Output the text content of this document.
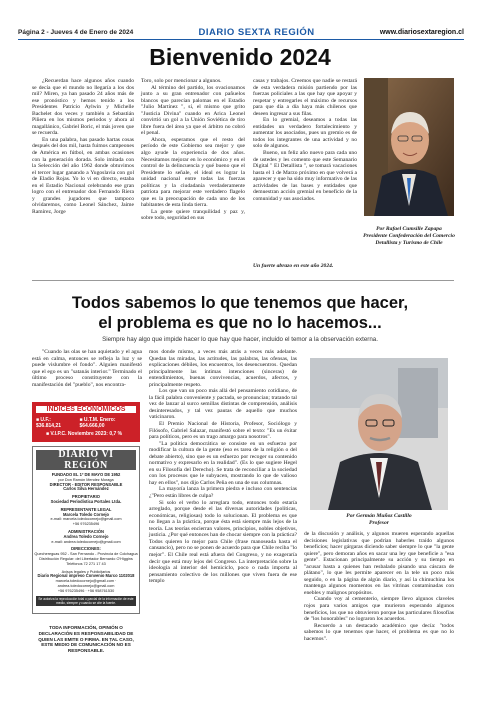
Página 2 - Jueves 4 de Enero de 2024	DIARIO SEXTA REGIÓN	www.diariosextaregion.cl
Bienvenido 2024

¿Recuerdan hace algunos años cuando se decía que el mundo no llegaría a los dos mil? Miren, ya han pasado 24 años más de ese pronóstico y hemos tenido a los Presidentes Patricio Aylwin y Michelle Bachelet dos veces y también a Sebastián Piñera en los mismos periodos y ahora al magallánico, Gabriel Boric, el más joven que se recuerda.

En una palabra, has pasado hartas cosas después del dos mil, hasta fuimos campeones de América en fútbol, en ambas ocasiones con la generación dorada. Solo imitada con la Selección del año 1962 donde obtuvimos el tercer lugar ganando a Yugoslavia con gol de Eladio Rojas. Yo lo vi en directo, estaba en el Estadio Nacional celebrando ese gran logro con el entrenador don Fernando Riera y grandes jugadores que tampoco olvidaremos, como Leonel Sánchez, Jaime Ramírez, Jorge

Toro, solo por mencionar a algunos.

Al término del partido, los ovacionamos junto a su gran entrenador con pañuelos blancos que parecían palomas en el Estadio "Julio Martínez ", sí, el mismo que grito "Justicia Divina" cuando en Arica Leonel convirtió un gol a la Unión Soviética de tiro libre fuera del área ya que el árbitro no cobró el penal.

Ahora, esperamos que el resto del período de este Gobierno sea mejor y que algo ayude la experiencia de dos años. Necesitamos mejorar en lo económico y en el control de la delincuencia y qué bueno que el Presidente lo señale, el ideal es lograr la unidad nacional entre todas las fuerzas políticas y la ciudadanía verdaderamente patriota para mejorar este verdadero flagelo que es la preocupación de cada uno de los habitantes de esta linda tierra.

La gente quiere tranquilidad y paz y, sobre todo, seguridad en sus

casas y trabajos. Creemos que nadie se restará de esta verdadera misión partiendo por las fuerzas policiales a las que hay que apoyar y respetar y entregarles el máximo de recursos para que día a día haya más chilenos que deseen ingresar a sus filas.

En lo gremial, deseamos a todas las entidades un verdadero fortalecimiento y aumentar los asociados, pues un gremio es de todos los integrantes de una actividad y no solo de algunos.

Bueno, un feliz año nuevo para cada uno de ustedes y les comento que este Semanario Digital " El Detallista ", se tomará vacaciones hasta el 1 de Marzo próximo en que volverá a aparecer y que ha sido muy informativo de las actividades de las bases y entidades que demuestran acción gremial en beneficio de la comunidad y sus asociados.

Por Rafael Cumsille Zapapa
Presidente Confederación del Comercio Detallista y Turismo de Chile
Un fuerte abrazo en este año 2024.
Todos sabemos lo que tenemos que hacer,
el problema es que no lo hacemos...
Siempre hay algo que impide hacer lo que hay que hacer, incluido el temor a la observación externa.

"Cuando las olas se han aquietado y el agua está en calma, entonces se refleja la luz y se puede vislumbre el fondo". Alguien manifestó que el ego es un "satanás interior." Terminado el último proceso constituyente con la manifestación del "pueblo", nos encontra-

mos donde mismo, a veces más atrás a veces más adelante. Quedan las miradas, las actitudes, las palabras, las ofensas, las explicaciones débiles, los encuentros, los desencuentros. Quedan principalmente las íntimas intenciones (sinceras) de entendimientos, buenas convivencias, acuerdos, afectos, y principalmente respeto.

Los que van un poco más allá del pensamiento cotidiano, de la fácil palabra conveniente y pactada, se pronuncian; tratando tal vez de lanzar al surco semillas distintas de comprensión, análisis desinteresados, y tal vez pautas de aquello que muchos vaticinaron.

El Premio Nacional de Historia, Profesor, Sociólogo y Filósofo, Gabriel Salazar, manifestó sobre el texto: "Es un éxitar para políticos, pero es un trago amargo para nosotros".

"La política democrática se consiste en un esfuerzo por modificar la cultura de la gente (eso es tarea de la religión o del debate abierto), sino que es un esfuerzo por recoger su contenido normativo y expresarlo en la realidad". (Es lo que sugiere Hegel en su Filosofía del Derecho). Se trata de reconciliar a la sociedad con los procesos que le subyacen, mostrando lo que de valioso hay en ellos", nos dijo Carlos Peña en una de sus columnas.

La mayoría lanza la primera piedra e incluso con sentencias ¿"Pero están libres de culpa?

Si solo el verbo lo arreglara todo, entonces todo estaría arreglado, porque desde el las diversas autoridades (políticas, económicas, religiosas) todo lo solucionan. El problema es que no llegan a la práctica, porque ésta está siempre más lejos de la teoría. Las teorías encierran valores, principios, nobles objetivos, justicia. ¿Por qué entonces han de chocar siempre con la práctica? Todos quieren lo mejor para Chile (frase manoseada hasta el cansancio), pero no se ponen de acuerdo para que Chile reciba "lo mejor". El Chile real está afuera del Congreso, y no exageraría decir que está muy lejos del Congreso. La interpretación sobre la ideología al interior del hemiciclo, poco o nada importa al pensamiento colectivo de los millones que viven fuera de ese templo

Por Germán Muñoz Castillo
Profesor

de la discusión y análisis, y algunos mueren esperando aquellas decisiones legislativas que podrían haberles traído algunos beneficios; hacer gárgaras diciendo saber siempre lo que "la gente quiere", pero demoran años en sacar una ley que beneficie a "esa gente". Estacionan principalmente su acción y su tiempo en "acusar hasta a quienes han resbalado pisando una cáscara de plátano", lo que les permite aparecer en la tele un poco más seguido, o en la página de algún diario, y así la chimuchina los mantenga algunos momentos en las vitrinas contaminadas con enebles y malignos propósitos.

Cuando voy al cementerio, siempre llevo algunos claveles rojos para varios amigos que murieron esperando algunos beneficios, los que no obtuvieron porque las particulares filosofías de "los honorables" no lograron los acuerdos.

Recuerdo a un destacado académico que decía: "todos sabemos lo que tenemos que hacer, el problema es que no lo hacemos".

ÍNDICES ECONÓMICOS
■ U.F.: $36.814,21
■ U.T.M. Enero: $64.666,00
■ V.I.P.C. Noviembre 2023: 0,7 %
DIARIO VI REGIÓN
FUNDADO EL 1º DE MAYO DE 1952
por Don Ramón Mendez Moraga
DIRECTOR - EDITOR RESPONSABLE
Carlos Silva Hernández
PROPIETARIO
Sociedad Periodística Portales Ltda.
REPRESENTANTE LEGAL
Marcela Toledo Cornejo
e-mail: marcela.toledocornejo@gmail.com
+56 976235496
ADMINISTRACIÓN
Andrea Toledo Cornejo
e-mail: andrea.toledocornejo@gmail.com
DIRECCIONES:
Quechereguas 952 - San Fernando - Provincia de Colchagua
Distribución Regular: del Libertador Bernardo O'Higgins
Teléfonos 72 271 17 43
Avisos legales y Publicitarios
Diario Regional impreso Convenio Marco 1102018
marcela.toledocornejo@gmail.com · andrea.toledocornejo@gmail.com
+56 976235496 · +56 958761530
Se autoriza la reproducción total o parcial de la información de este medio, siempre y cuando se cite la fuente.
TODA INFORMACIÓN, OPINIÓN O DECLARACIÓN ES RESPONSABILIDAD DE QUIEN LAS EMITE O FIRMA. EN TAL CASO, ESTE MEDIO DE COMUNICACIÓN NO ES RESPONSABLE.
